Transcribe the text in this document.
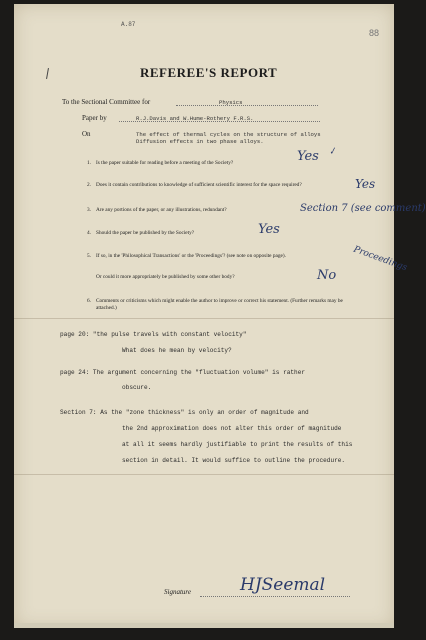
A.87
88
REFEREE'S REPORT
To the Sectional Committee for	Physics
Paper by	R.J.Davis and W.Hume-Rothery F.R.S.
On	The effect of thermal cycles on the structure of alloys
Diffusion effects in two phase alloys.
1. Is the paper suitable for reading before a meeting of the Society?	Yes ✓
2. Does it contain contributions to knowledge of sufficient scientific interest for the space required?	Yes
3. Are any portions of the paper, or any illustrations, redundant?	Section 7 (see comment)
4. Should the paper be published by the Society?	Yes
5. If so, in the 'Philosophical Transactions' or the 'Proceedings'? (see note on opposite page).	Proceedings
Or could it more appropriately be published by some other body?	No
6. Comments or criticisms which might enable the author to improve or correct his statement. (Further remarks may be attached.)
page 20: "the pulse travels with constant velocity"
What does he mean by velocity?
page 24: The argument concerning the "fluctuation volume" is rather
obscure.
Section 7: As the "zone thickness" is only an order of magnitude and
the 2nd approximation does not alter this order of magnitude
at all it seems hardly justifiable to print the results of this
section in detail. It would suffice to outline the procedure.
Signature	HJSeemal
